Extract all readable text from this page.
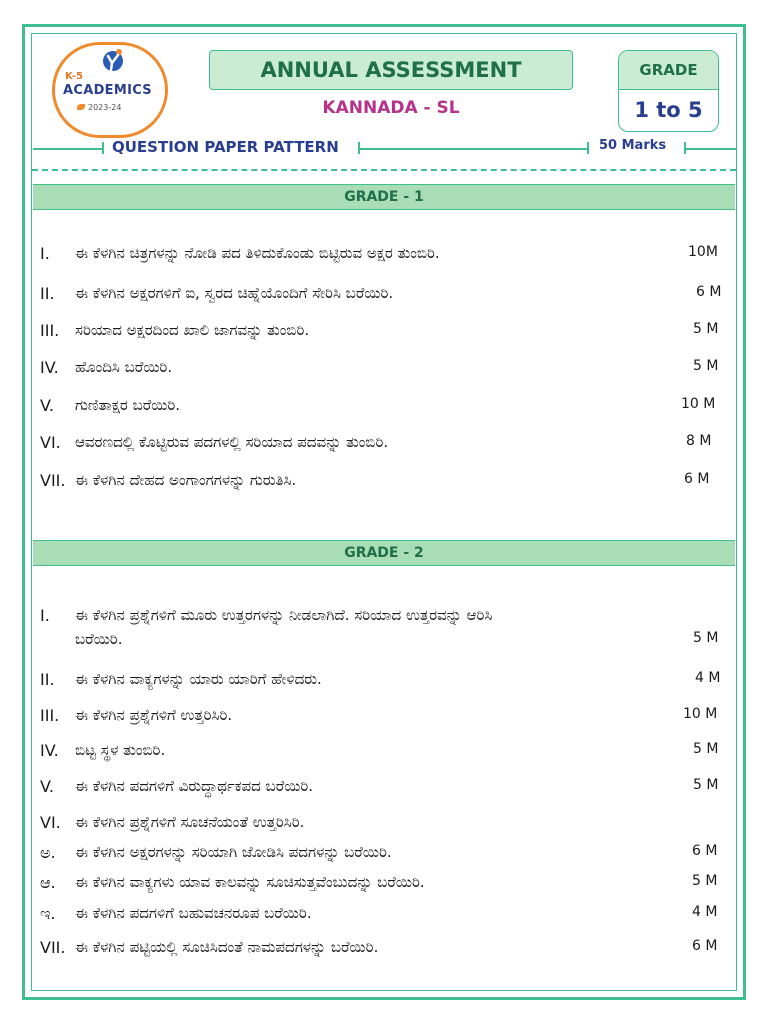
K-5
ACADEMICS
2023-24
ANNUAL ASSESSMENT
KANNADA - SL
GRADE
1 to 5
QUESTION PAPER PATTERN	50 Marks
GRADE - 1
I. ಈ ಕೆಳಗಿನ ಚಿತ್ರಗಳನ್ನು ನೋಡಿ ಪದ ತಿಳಿದುಕೊಂಡು ಬಿಟ್ಟಿರುವ ಅಕ್ಷರ ತುಂಬಿರಿ.	10M
II. ಈ ಕೆಳಗಿನ ಅಕ್ಷರಗಳಿಗೆ ಐ, ಸ್ವರದ ಚಿಹ್ನೆಯೊಂದಿಗೆ ಸೇರಿಸಿ ಬರೆಯಿರಿ.	6 M
III. ಸರಿಯಾದ ಅಕ್ಷರದಿಂದ ಖಾಲಿ ಜಾಗವನ್ನು ತುಂಬಿರಿ.	5 M
IV. ಹೊಂದಿಸಿ ಬರೆಯಿರಿ.	5 M
V. ಗುಣಿತಾಕ್ಷರ ಬರೆಯಿರಿ.	10 M
VI. ಆವರಣದಲ್ಲಿ ಕೊಟ್ಟಿರುವ ಪದಗಳಲ್ಲಿ ಸರಿಯಾದ ಪದವನ್ನು ತುಂಬಿರಿ.	8 M
VII. ಈ ಕೆಳಗಿನ ದೇಹದ ಅಂಗಾಂಗಗಳನ್ನು ಗುರುತಿಸಿ.	6 M
GRADE - 2
I. ಈ ಕೆಳಗಿನ ಪ್ರಶ್ನೆಗಳಿಗೆ ಮೂರು ಉತ್ತರಗಳನ್ನು ನೀಡಲಾಗಿದೆ. ಸರಿಯಾದ ಉತ್ತರವನ್ನು ಆರಿಸಿ
ಬರೆಯಿರಿ.	5 M
II. ಈ ಕೆಳಗಿನ ವಾಕ್ಯಗಳನ್ನು ಯಾರು ಯಾರಿಗೆ ಹೇಳಿದರು.	4 M
III. ಈ ಕೆಳಗಿನ ಪ್ರಶ್ನೆಗಳಿಗೆ ಉತ್ತರಿಸಿರಿ.	10 M
IV. ಬಿಟ್ಟ ಸ್ಥಳ ತುಂಬಿರಿ.	5 M
V. ಈ ಕೆಳಗಿನ ಪದಗಳಿಗೆ ವಿರುದ್ಧಾರ್ಥಕಪದ ಬರೆಯಿರಿ.	5 M
VI. ಈ ಕೆಳಗಿನ ಪ್ರಶ್ನೆಗಳಿಗೆ ಸೂಚನೆಯಂತೆ ಉತ್ತರಿಸಿರಿ.
ಅ. ಈ ಕೆಳಗಿನ ಅಕ್ಷರಗಳನ್ನು ಸರಿಯಾಗಿ ಜೋಡಿಸಿ ಪದಗಳನ್ನು ಬರೆಯಿರಿ.	6 M
ಆ. ಈ ಕೆಳಗಿನ ವಾಕ್ಯಗಳು ಯಾವ ಕಾಲವನ್ನು ಸೂಚಿಸುತ್ತವೆಂಬುದನ್ನು ಬರೆಯಿರಿ.	5 M
ಇ. ಈ ಕೆಳಗಿನ ಪದಗಳಿಗೆ ಬಹುವಚನರೂಪ ಬರೆಯಿರಿ.	4 M
VII. ಈ ಕೆಳಗಿನ ಪಟ್ಟಿಯಲ್ಲಿ ಸೂಚಿಸಿದಂತೆ ನಾಮಪದಗಳನ್ನು ಬರೆಯಿರಿ.	6 M
